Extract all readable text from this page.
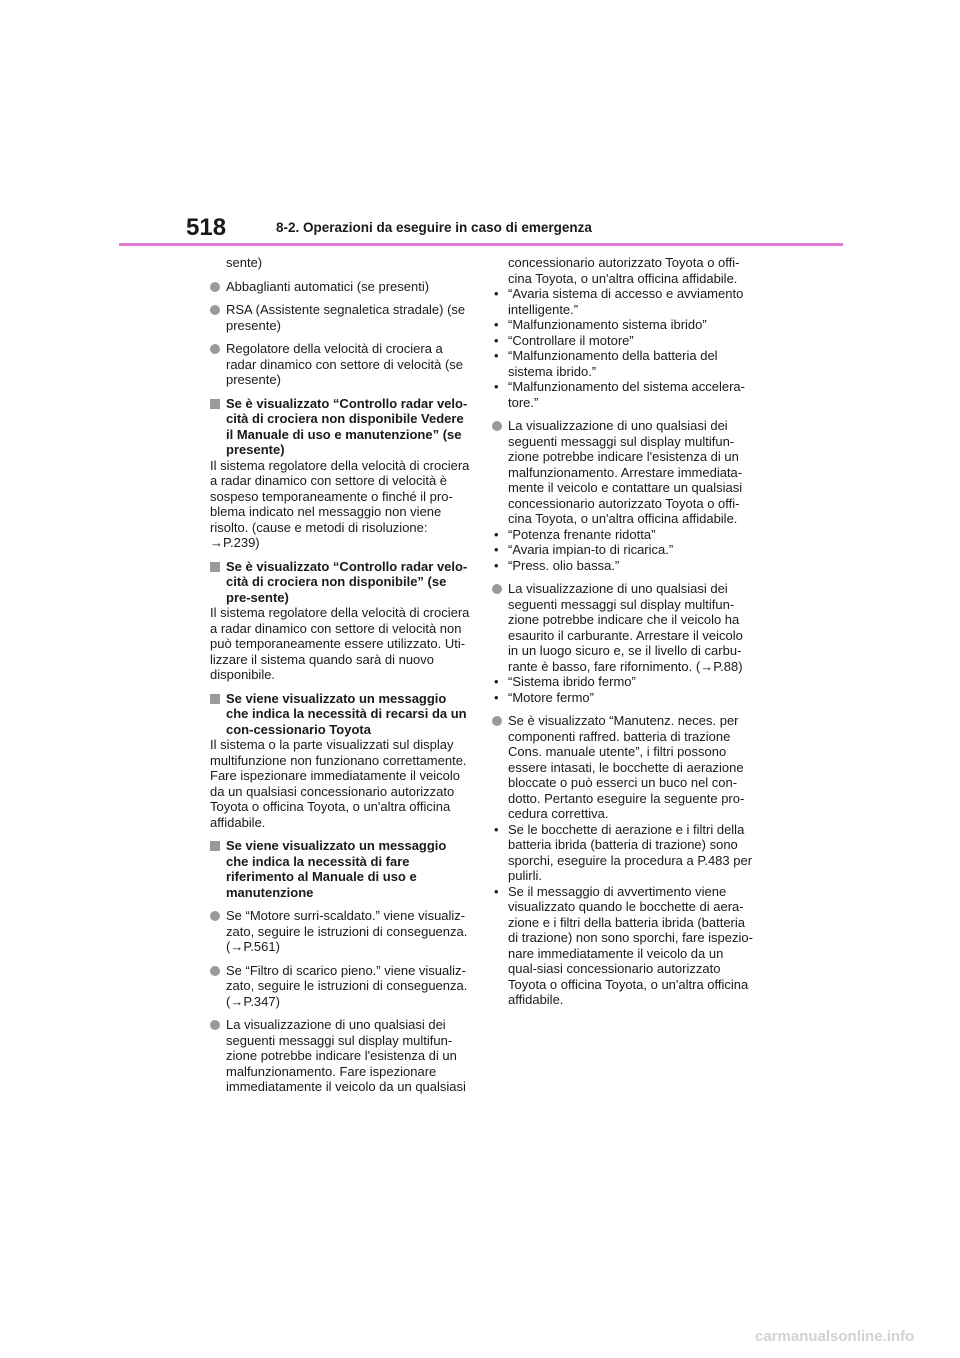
518	8-2. Operazioni da eseguire in caso di emergenza
sente)
Abbaglianti automatici (se presenti)
RSA (Assistente segnaletica stradale) (se presente)
Regolatore della velocità di crociera a radar dinamico con settore di velocità (se presente)
Se è visualizzato “Controllo radar velo-cità di crociera non disponibile Vedere il Manuale di uso e manutenzione” (se presente)
Il sistema regolatore della velocità di crociera a radar dinamico con settore di velocità è sospeso temporaneamente o finché il pro-blema indicato nel messaggio non viene risolto. (cause e metodi di risoluzione: →P.239)
Se è visualizzato “Controllo radar velo-cità di crociera non disponibile” (se pre-sente)
Il sistema regolatore della velocità di crociera a radar dinamico con settore di velocità non può temporaneamente essere utilizzato. Uti-lizzare il sistema quando sarà di nuovo disponibile.
Se viene visualizzato un messaggio che indica la necessità di recarsi da un con-cessionario Toyota
Il sistema o la parte visualizzati sul display multifunzione non funzionano correttamente. Fare ispezionare immediatamente il veicolo da un qualsiasi concessionario autorizzato Toyota o officina Toyota, o un'altra officina affidabile.
Se viene visualizzato un messaggio che indica la necessità di fare riferimento al Manuale di uso e manutenzione
Se “Motore surri-scaldato.” viene visualiz-zato, seguire le istruzioni di conseguenza. (→P.561)
Se “Filtro di scarico pieno.” viene visualiz-zato, seguire le istruzioni di conseguenza. (→P.347)
La visualizzazione di uno qualsiasi dei seguenti messaggi sul display multifun-zione potrebbe indicare l'esistenza di un malfunzionamento. Fare ispezionare immediatamente il veicolo da un qualsiasi
concessionario autorizzato Toyota o offi-cina Toyota, o un'altra officina affidabile.
• “Avaria sistema di accesso e avviamento intelligente.”
• “Malfunzionamento sistema ibrido”
• “Controllare il motore”
• “Malfunzionamento della batteria del sistema ibrido.”
• “Malfunzionamento del sistema accelera-tore.”
La visualizzazione di uno qualsiasi dei seguenti messaggi sul display multifun-zione potrebbe indicare l'esistenza di un malfunzionamento. Arrestare immediata-mente il veicolo e contattare un qualsiasi concessionario autorizzato Toyota o offi-cina Toyota, o un'altra officina affidabile.
• “Potenza frenante ridotta”
• “Avaria impian-to di ricarica.”
• “Press. olio bassa.”
La visualizzazione di uno qualsiasi dei seguenti messaggi sul display multifun-zione potrebbe indicare che il veicolo ha esaurito il carburante. Arrestare il veicolo in un luogo sicuro e, se il livello di carbu-rante è basso, fare rifornimento. (→P.88)
• “Sistema ibrido fermo”
• “Motore fermo”
Se è visualizzato “Manutenz. neces. per componenti raffred. batteria di trazione Cons. manuale utente”, i filtri possono essere intasati, le bocchette di aerazione bloccate o può esserci un buco nel con-dotto. Pertanto eseguire la seguente pro-cedura correttiva.
• Se le bocchette di aerazione e i filtri della batteria ibrida (batteria di trazione) sono sporchi, eseguire la procedura a P.483 per pulirli.
• Se il messaggio di avvertimento viene visualizzato quando le bocchette di aera-zione e i filtri della batteria ibrida (batteria di trazione) non sono sporchi, fare ispezio-nare immediatamente il veicolo da un qual-siasi concessionario autorizzato Toyota o officina Toyota, o un'altra officina affidabile.
carmanualsonline.info
